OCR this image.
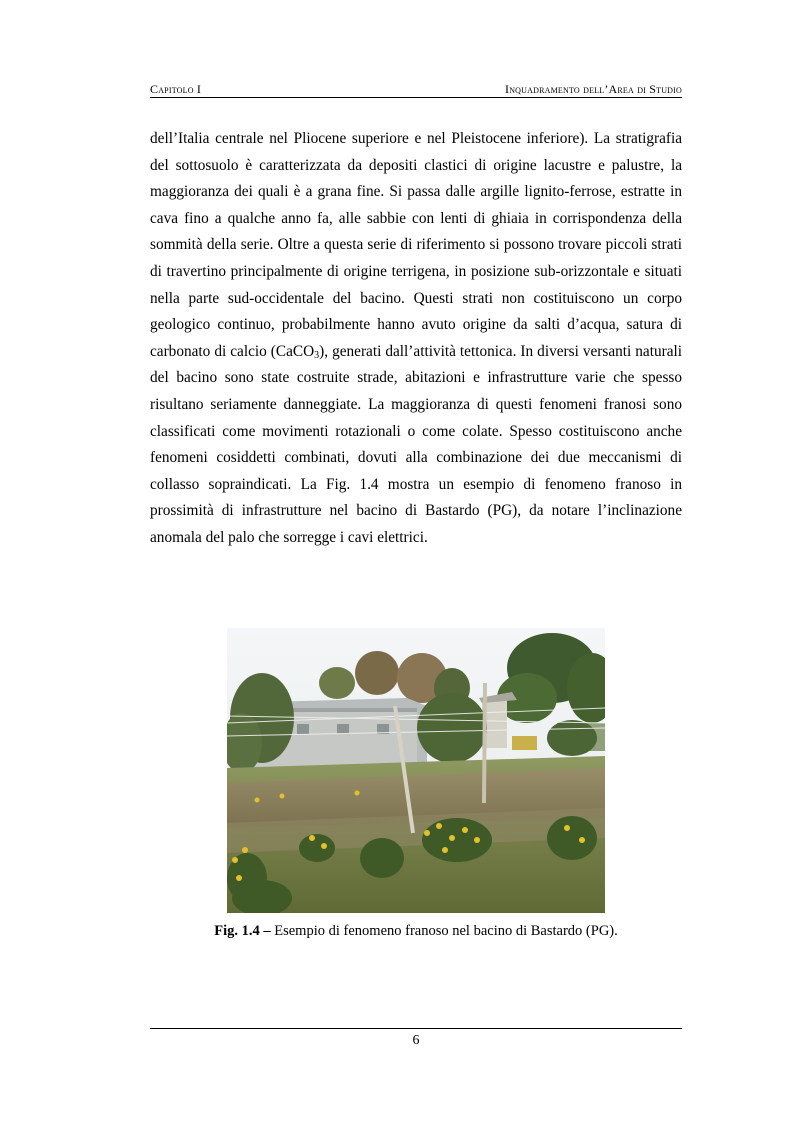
Capitolo I	Inquadramento dell’Area di Studio

dell’Italia centrale nel Pliocene superiore e nel Pleistocene inferiore). La stratigrafia del sottosuolo è caratterizzata da depositi clastici di origine lacustre e palustre, la maggioranza dei quali è a grana fine. Si passa dalle argille lignito-ferrose, estratte in cava fino a qualche anno fa, alle sabbie con lenti di ghiaia in corrispondenza della sommità della serie. Oltre a questa serie di riferimento si possono trovare piccoli strati di travertino principalmente di origine terrigena, in posizione sub-orizzontale e situati nella parte sud-occidentale del bacino. Questi strati non costituiscono un corpo geologico continuo, probabilmente hanno avuto origine da salti d’acqua, satura di carbonato di calcio (CaCO$_3$), generati dall’attività tettonica. In diversi versanti naturali del bacino sono state costruite strade, abitazioni e infrastrutture varie che spesso risultano seriamente danneggiate. La maggioranza di questi fenomeni franosi sono classificati come movimenti rotazionali o come colate. Spesso costituiscono anche fenomeni cosiddetti combinati, dovuti alla combinazione dei due meccanismi di collasso sopraindicati. La Fig. 1.4 mostra un esempio di fenomeno franoso in prossimità di infrastrutture nel bacino di Bastardo (PG), da notare l’inclinazione anomala del palo che sorregge i cavi elettrici.

Fig. 1.4 – Esempio di fenomeno franoso nel bacino di Bastardo (PG).
6
